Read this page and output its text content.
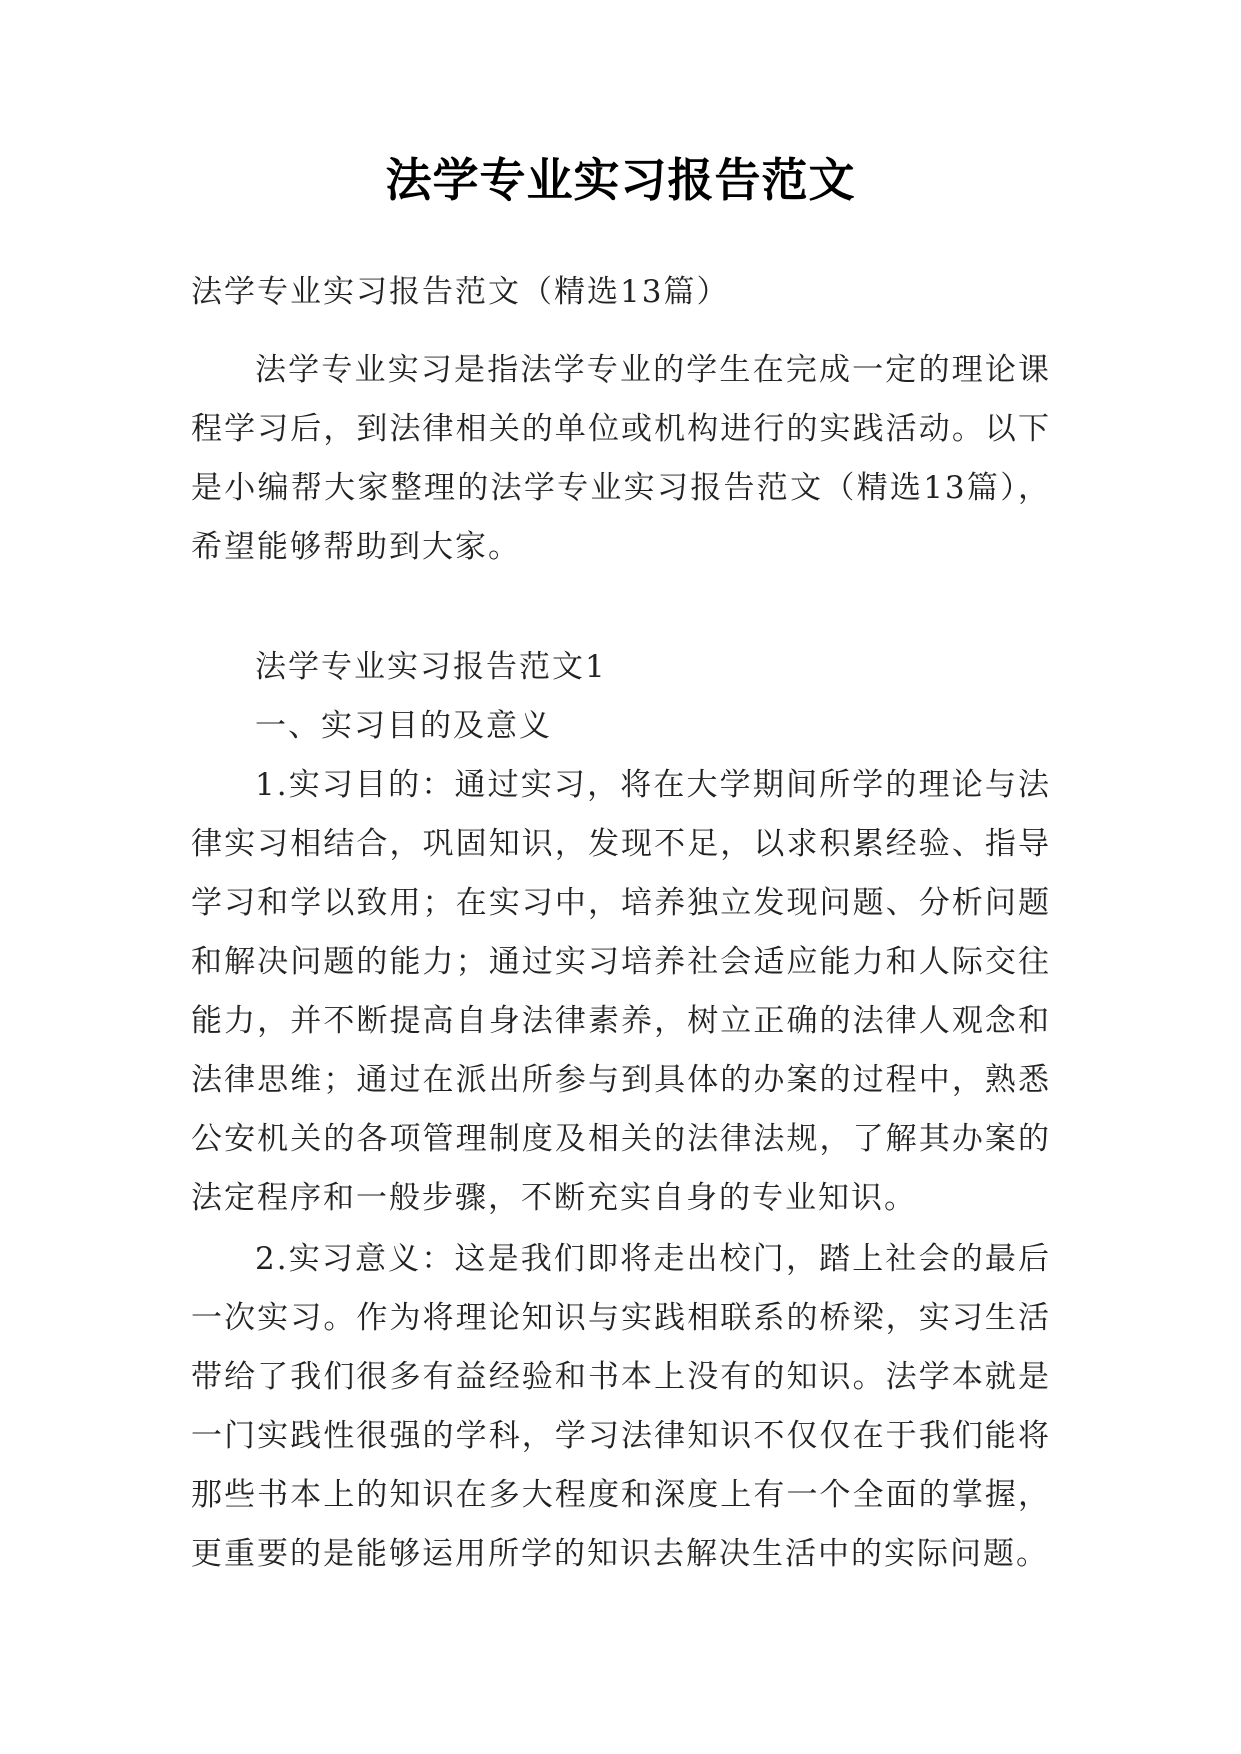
法学专业实习报告范文
法学专业实习报告范文（精选13篇）
法学专业实习是指法学专业的学生在完成一定的理论课程学习后，到法律相关的单位或机构进行的实践活动。以下是小编帮大家整理的法学专业实习报告范文（精选13篇），希望能够帮助到大家。
法学专业实习报告范文1
一、实习目的及意义
1.实习目的：通过实习，将在大学期间所学的理论与法律实习相结合，巩固知识，发现不足，以求积累经验、指导学习和学以致用；在实习中，培养独立发现问题、分析问题和解决问题的能力；通过实习培养社会适应能力和人际交往能力，并不断提高自身法律素养，树立正确的法律人观念和法律思维；通过在派出所参与到具体的办案的过程中，熟悉公安机关的各项管理制度及相关的法律法规，了解其办案的法定程序和一般步骤，不断充实自身的专业知识。
2.实习意义：这是我们即将走出校门，踏上社会的最后一次实习。作为将理论知识与实践相联系的桥梁，实习生活带给了我们很多有益经验和书本上没有的知识。法学本就是一门实践性很强的学科，学习法律知识不仅仅在于我们能将那些书本上的知识在多大程度和深度上有一个全面的掌握，更重要的是能够运用所学的知识去解决生活中的实际问题。
